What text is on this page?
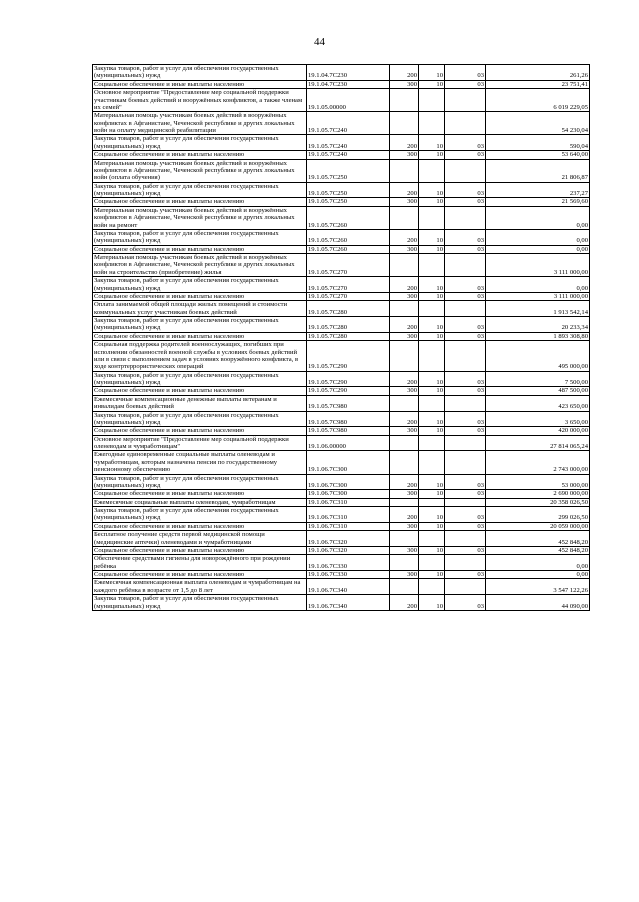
44
Закупка товаров, работ и услуг для обеспечения государственных (муниципальных) нужд	19.1.04.7С230	200	10	03	261,26
Социальное обеспечение и иные выплаты населению	19.1.04.7С230	300	10	03	23 751,41
Основное мероприятие "Предоставление мер социальной поддержки участникам боевых действий и вооружённых конфликтов, а также членам их семей"	19.1.05.00000				6 019 229,05
Материальная помощь участникам боевых действий в вооружённых конфликтах в Афганистане, Чеченской республике и других локальных войн на оплату медицинской реабилитации	19.1.05.7С240				54 230,04
Закупка товаров, работ и услуг для обеспечения государственных (муниципальных) нужд	19.1.05.7С240	200	10	03	590,04
Социальное обеспечение и иные выплаты населению	19.1.05.7С240	300	10	03	53 640,00
Материальная помощь участникам боевых действий и вооружённых конфликтов в Афганистане, Чеченской республике и других локальных войн (оплата обучения)	19.1.05.7С250				21 806,87
Закупка товаров, работ и услуг для обеспечения государственных (муниципальных) нужд	19.1.05.7С250	200	10	03	237,27
Социальное обеспечение и иные выплаты населению	19.1.05.7С250	300	10	03	21 569,60
Материальная помощь участникам боевых действий и вооружённых конфликтов в Афганистане, Чеченской республике и других локальных войн на ремонт	19.1.05.7С260				0,00
Закупка товаров, работ и услуг для обеспечения государственных (муниципальных) нужд	19.1.05.7С260	200	10	03	0,00
Социальное обеспечение и иные выплаты населению	19.1.05.7С260	300	10	03	0,00
Материальная помощь участникам боевых действий и вооружённых конфликтов в Афганистане, Чеченской республике и других локальных войн на строительство (приобретение) жилья	19.1.05.7С270				3 111 000,00
Закупка товаров, работ и услуг для обеспечения государственных (муниципальных) нужд	19.1.05.7С270	200	10	03	0,00
Социальное обеспечение и иные выплаты населению	19.1.05.7С270	300	10	03	3 111 000,00
Оплата занимаемой общей площади жилых помещений и стоимости коммунальных услуг участникам боевых действий	19.1.05.7С280				1 913 542,14
Закупка товаров, работ и услуг для обеспечения государственных (муниципальных) нужд	19.1.05.7С280	200	10	03	20 233,34
Социальное обеспечение и иные выплаты населению	19.1.05.7С280	300	10	03	1 893 308,80
Социальная поддержка родителей военнослужащих, погибших при исполнении обязанностей военной службы в условиях боевых действий или в связи с выполнением задач в условиях вооружённого конфликта, в ходе контртеррористических операций	19.1.05.7С290				495 000,00
Закупка товаров, работ и услуг для обеспечения государственных (муниципальных) нужд	19.1.05.7С290	200	10	03	7 500,00
Социальное обеспечение и иные выплаты населению	19.1.05.7С290	300	10	03	487 500,00
Ежемесячные компенсационные денежные выплаты ветеранам и инвалидам боевых действий	19.1.05.7С980				423 650,00
Закупка товаров, работ и услуг для обеспечения государственных (муниципальных) нужд	19.1.05.7С980	200	10	03	3 650,00
Социальное обеспечение и иные выплаты населению	19.1.05.7С980	300	10	03	420 000,00
Основное мероприятие "Предоставление мер социальной поддержки оленеводам и чумработницам"	19.1.06.00000				27 814 065,24
Ежегодные единовременные социальные выплаты оленеводам и чумработницам, которым назначена пенсия по государственному пенсионному обеспечению	19.1.06.7С300				2 743 000,00
Закупка товаров, работ и услуг для обеспечения государственных (муниципальных) нужд	19.1.06.7С300	200	10	03	53 000,00
Социальное обеспечение и иные выплаты населению	19.1.06.7С300	300	10	03	2 690 000,00
Ежемесячные социальные выплаты оленеводам, чумработницам	19.1.06.7С310				20 358 026,50
Закупка товаров, работ и услуг для обеспечения государственных (муниципальных) нужд	19.1.06.7С310	200	10	03	299 026,50
Социальное обеспечение и иные выплаты населению	19.1.06.7С310	300	10	03	20 059 000,00
Бесплатное получение средств первой медицинской помощи (медицинские аптечки) оленеводами и чумработницами	19.1.06.7С320				452 848,20
Социальное обеспечение и иные выплаты населению	19.1.06.7С320	300	10	03	452 848,20
Обеспечение средствами гигиены для новорождённого при рождении ребёнка	19.1.06.7С330				0,00
Социальное обеспечение и иные выплаты населению	19.1.06.7С330	300	10	03	0,00
Ежемесячная компенсационная выплата оленеводам и чумработницам на каждого ребёнка в возрасте от 1,5 до 8 лет	19.1.06.7С340				3 547 122,26
Закупка товаров, работ и услуг для обеспечения государственных (муниципальных) нужд	19.1.06.7С340	200	10	03	44 090,00
